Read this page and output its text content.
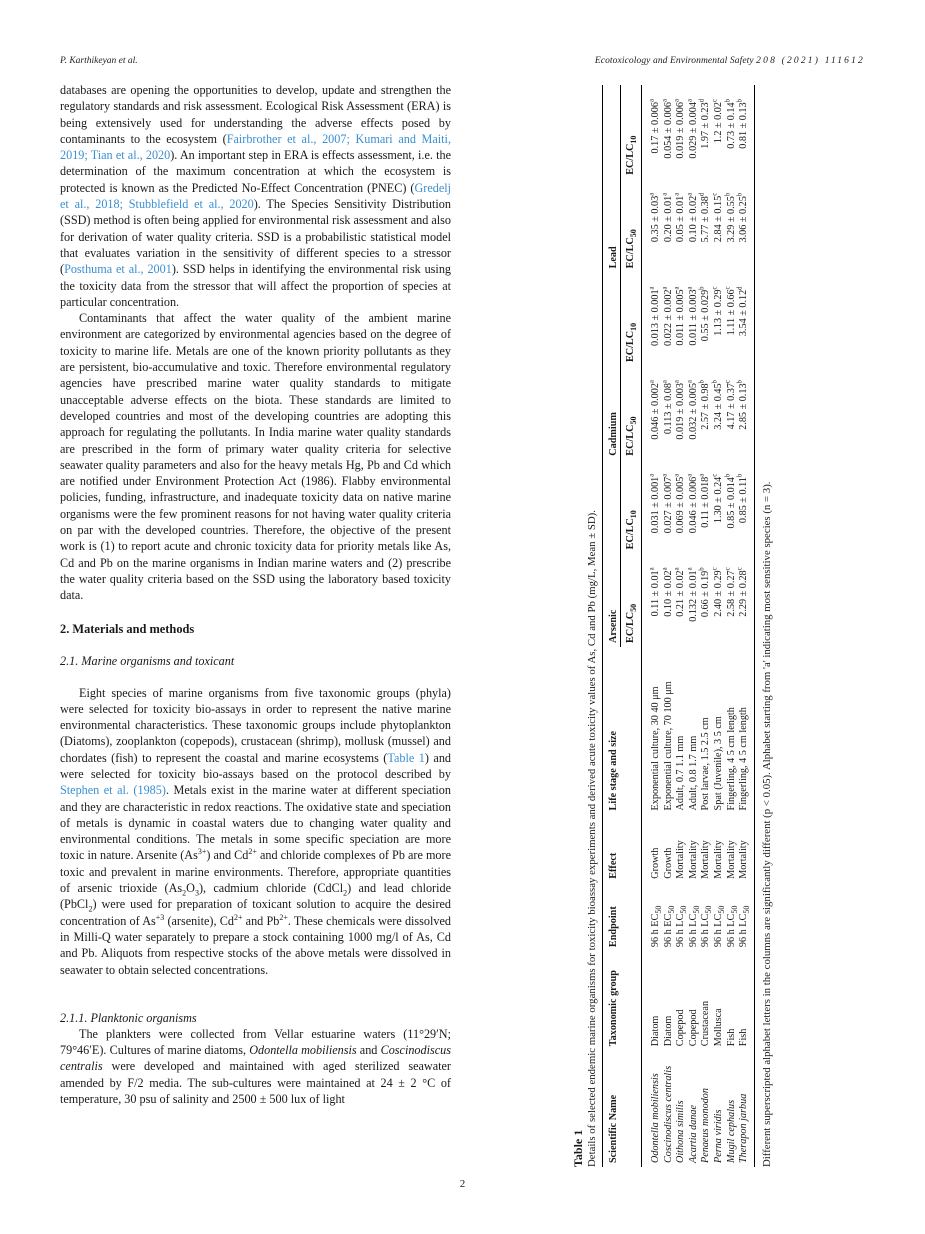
P. Karthikeyan et al.	Ecotoxicology and Environmental Safety 208 (2021) 111612

databases are opening the opportunities to develop, update and strengthen the regulatory standards and risk assessment. Ecological Risk Assessment (ERA) is being extensively used for understanding the adverse effects posed by contaminants to the ecosystem (Fairbrother et al., 2007; Kumari and Maiti, 2019; Tian et al., 2020). An important step in ERA is effects assessment, i.e. the determination of the maximum concentration at which the ecosystem is protected is known as the Predicted No-Effect Concentration (PNEC) (Gredelj et al., 2018; Stubblefield et al., 2020). The Species Sensitivity Distribution (SSD) method is often being applied for environmental risk assessment and also for derivation of water quality criteria. SSD is a probabilistic statistical model that evaluates variation in the sensitivity of different species to a stressor (Posthuma et al., 2001). SSD helps in identifying the environmental risk using the toxicity data from the stressor that will affect the proportion of species at particular concentration.

Contaminants that affect the water quality of the ambient marine environment are categorized by environmental agencies based on the degree of toxicity to marine life. Metals are one of the known priority pollutants as they are persistent, bio-accumulative and toxic. Therefore environmental regulatory agencies have prescribed marine water quality standards to mitigate unacceptable adverse effects on the biota. These standards are limited to developed countries and most of the developing countries are adopting this approach for regulating the pollutants. In India marine water quality standards are prescribed in the form of primary water quality criteria for selective seawater quality parameters and also for the heavy metals Hg, Pb and Cd which are notified under Environment Protection Act (1986). Flabby environmental policies, funding, infrastructure, and inadequate toxicity data on native marine organisms were the few prominent reasons for not having water quality criteria on par with the developed countries. Therefore, the objective of the present work is (1) to report acute and chronic toxicity data for priority metals like As, Cd and Pb on the marine organisms in Indian marine waters and (2) prescribe the water quality criteria based on the SSD using the laboratory based toxicity data.

2. Materials and methods
2.1. Marine organisms and toxicant

Eight species of marine organisms from five taxonomic groups (phyla) were selected for toxicity bio-assays in order to represent the native marine environmental characteristics. These taxonomic groups include phytoplankton (Diatoms), zooplankton (copepods), crustacean (shrimp), mollusk (mussel) and chordates (fish) to represent the coastal and marine ecosystems (Table 1) and were selected for toxicity bio-assays based on the protocol described by Stephen et al. (1985). Metals exist in the marine water at different speciation and they are characteristic in redox reactions. The oxidative state and speciation of metals is dynamic in coastal waters due to changing water quality and environmental conditions. The metals in some specific speciation are more toxic in nature. Arsenite $(As^{3+})$ and $Cd^{2+}$ and chloride complexes of Pb are more toxic and prevalent in marine environments. Therefore, appropriate quantities of arsenic trioxide $(As_2O_3)$, cadmium chloride (CdCl$_2$) and lead chloride (PbCl$_2$) were used for preparation of toxicant solution to acquire the desired concentration of $As^{+3}$ (arsenite), $Cd^{2+}$ and $Pb^{2+}$. These chemicals were dissolved in Milli-Q water separately to prepare a stock containing 1000 mg/l of As, Cd and Pb. Aliquots from respective stocks of the above metals were dissolved in seawater to obtain selected concentrations.

2.1.1. Planktonic organisms

The plankters were collected from Vellar estuarine waters (11°29′N; 79°46′E). Cultures of marine diatoms, Odontella mobiliensis and Coscinodiscus centralis were developed and maintained with aged sterilized seawater amended by F/2 media. The sub-cultures were maintained at 24 ± 2 °C of temperature, 30 psu of salinity and 2500 ± 500 lux of light

2
Table 1 Details of selected endemic marine organisms for toxicity bioassay experiments and derived acute toxicity values of As, Cd and Pb (mg/L, Mean ± SD). Scientific Name	Taxonomic group	Endpoint	Effect	Life stage and size	Arsenic		Cadmium		Lead	
					$EC/LC_{50}$	$EC/LC_{10}$	$EC/LC_{50}$	$EC/LC_{10}$	$EC/LC_{50}$	$EC/LC_{10}$
Odontella mobiliensis	Diatom	96 h $EC_{50}$	Growth	Exponential culture, 30 40 μm	0.11 ± 0.01$^a$	0.031 ± 0.001$^a$	0.046 ± 0.002$^a$	0.013 ± 0.001$^a$	0.35 ± 0.03$^a$	0.17 ± 0.006$^a$
Coscinodiscus centralis	Diatom	96 h $EC_{50}$	Growth	Exponential culture, 70 100 μm	0.10 ± 0.02$^a$	0.027 ± 0.007$^a$	0.113 ± 0.08$^a$	0.022 ± 0.002$^a$	0.20 ± 0.01$^a$	0.054 ± 0.006$^a$
Oithona similis	Copepod	96 h $LC_{50}$	Mortality	Adult, 0.7 1.1 mm	0.21 ± 0.02$^a$	0.069 ± 0.005$^a$	0.019 ± 0.003$^a$	0.011 ± 0.005$^a$	0.05 ± 0.01$^a$	0.019 ± 0.006$^a$
Acartia danae	Copepod	96 h $LC_{50}$	Mortality	Adult, 0.8 1.7 mm	0.132 ± 0.01$^a$	0.046 ± 0.006$^a$	0.032 ± 0.005$^a$	0.011 ± 0.003$^a$	0.10 ± 0.02$^a$	0.029 ± 0.004$^a$
Penaeus monodon	Crustacean	96 h $LC_{50}$	Mortality	Post larvae, 1.5 2.5 cm	0.66 ± 0.19$^b$	0.11 ± 0.018$^a$	2.57 ± 0.98$^b$	0.55 ± 0.029$^b$	5.77 ± 0.38$^d$	1.97 ± 0.23$^d$
Perna viridis	Mollusca	96 h $LC_{50}$	Mortality	Spat (Juvenile), 3 5 cm	2.40 ± 0.29$^c$	1.30 ± 0.24$^c$	3.24 ± 0.45$^b$	1.13 ± 0.29$^c$	2.84 ± 0.15$^c$	1.2 ± 0.02$^c$
Mugil cephalus	Fish	96 h $LC_{50}$	Mortality	Fingerling, 4 5 cm length	2.58 ± 0.27$^c$	0.85 ± 0.014$^b$	4.17 ± 0.37$^c$	1.11 ± 0.66$^c$	3.29 ± 0.55$^b$	0.73 ± 0.14$^b$
Therapon jarbua	Fish	96 h $LC_{50}$	Mortality	Fingerling, 4 5 cm length	2.29 ± 0.28$^c$	0.85 ± 0.11$^b$	2.85 ± 0.13$^b$	3.54 ± 0.12$^d$	3.06 ± 0.25$^b$	0.81 ± 0.13$^b$
Different superscripted alphabet letters in the columns are significantly different (p < 0.05). Alphabet starting from 'a' indicating most sensitive species (n = 3).
